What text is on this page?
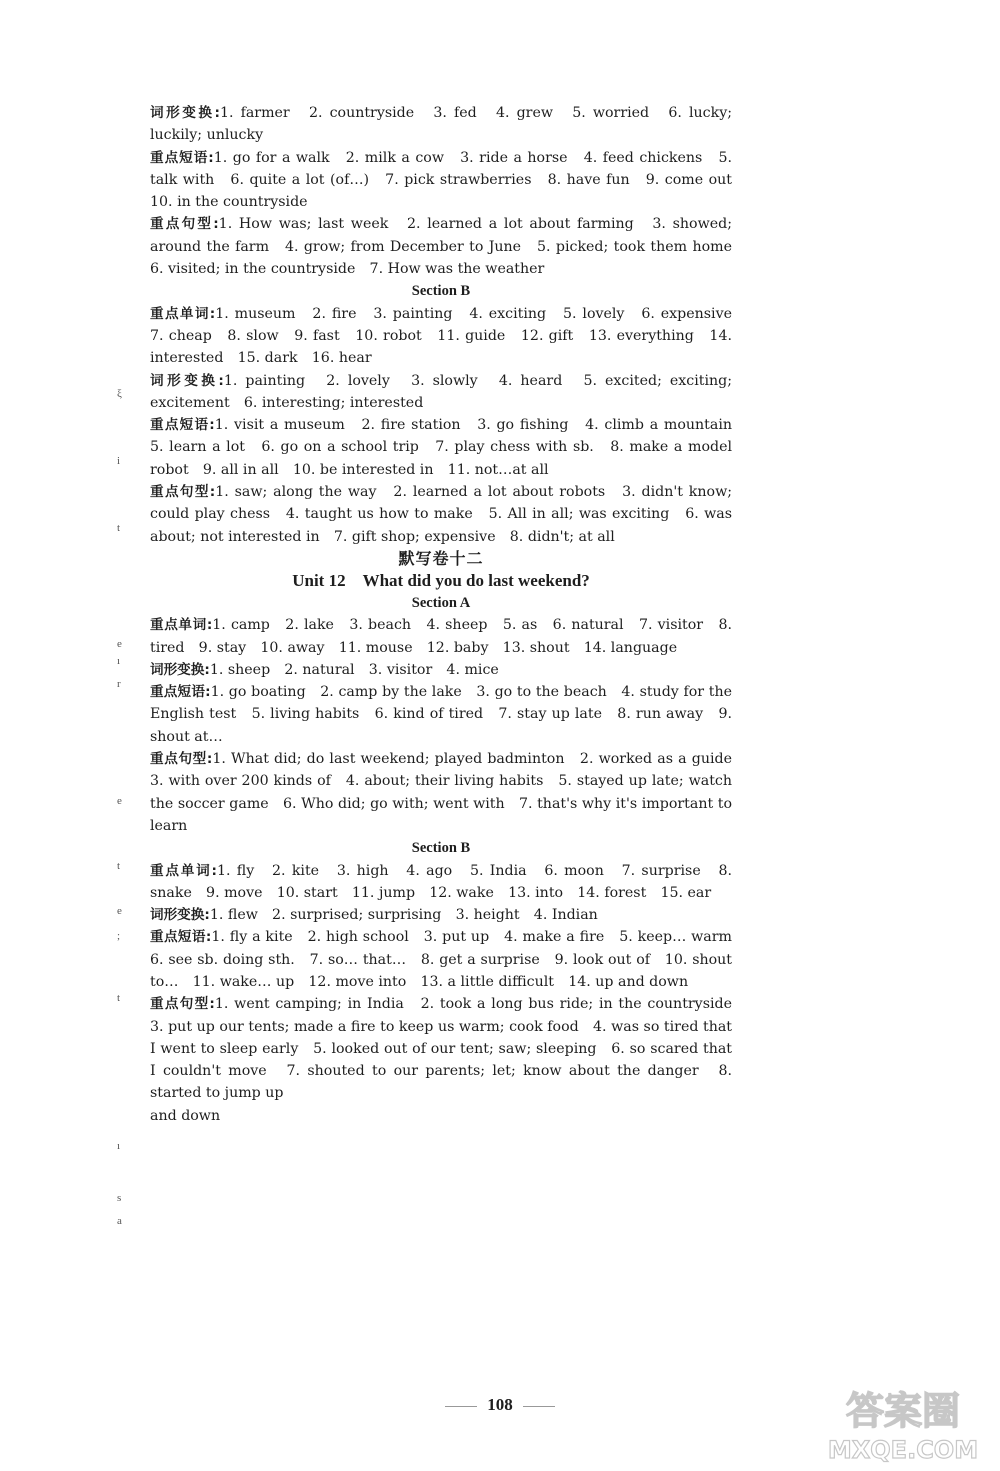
词形变换:1. farmer　2. countryside　3. fed　4. grew　5. worried　6. lucky; luckily; unlucky
重点短语:1. go for a walk　2. milk a cow　3. ride a horse　4. feed chickens　5. talk with　6. quite a lot (of…)　7. pick strawberries　8. have fun　9. come out　10. in the countryside
重点句型:1. How was; last week　2. learned a lot about farming　3. showed; around the farm　4. grow; from December to June　5. picked; took them home　6. visited; in the countryside　7. How was the weather
Section B
重点单词:1. museum　2. fire　3. painting　4. exciting　5. lovely　6. expensive　7. cheap　8. slow　9. fast　10. robot　11. guide　12. gift　13. everything　14. interested　15. dark　16. hear
词形变换:1. painting　2. lovely　3. slowly　4. heard　5. excited; exciting; excitement　6. interesting; interested
重点短语:1. visit a museum　2. fire station　3. go fishing　4. climb a mountain　5. learn a lot　6. go on a school trip　7. play chess with sb.　8. make a model robot　9. all in all　10. be interested in　11. not…at all
重点句型:1. saw; along the way　2. learned a lot about robots　3. didn't know; could play chess　4. taught us how to make　5. All in all; was exciting　6. was about; not interested in　7. gift shop; expensive　8. didn't; at all
默写卷十二
Unit 12　What did you do last weekend?
Section A
重点单词:1. camp　2. lake　3. beach　4. sheep　5. as　6. natural　7. visitor　8. tired　9. stay　10. away　11. mouse　12. baby　13. shout　14. language
词形变换:1. sheep　2. natural　3. visitor　4. mice
重点短语:1. go boating　2. camp by the lake　3. go to the beach　4. study for the English test　5. living habits　6. kind of tired　7. stay up late　8. run away　9. shout at…
重点句型:1. What did; do last weekend; played badminton　2. worked as a guide　3. with over 200 kinds of　4. about; their living habits　5. stayed up late; watch the soccer game　6. Who did; go with; went with　7. that's why it's important to learn
Section B
重点单词:1. fly　2. kite　3. high　4. ago　5. India　6. moon　7. surprise　8. snake　9. move　10. start　11. jump　12. wake　13. into　14. forest　15. ear
词形变换:1. flew　2. surprised; surprising　3. height　4. Indian
重点短语:1. fly a kite　2. high school　3. put up　4. make a fire　5. keep… warm　6. see sb. doing sth.　7. so… that…　8. get a surprise　9. look out of　10. shout to…　11. wake… up　12. move into　13. a little difficult　14. up and down
重点句型:1. went camping; in India　2. took a long bus ride; in the countryside　3. put up our tents; made a fire to keep us warm; cook food　4. was so tired that I went to sleep early　5. looked out of our tent; saw; sleeping　6. so scared that I couldn't move　7. shouted to our parents; let; know about the danger　8. started to jump up
and down
ξ
i
t
e
ı
r
e
t
e
;
t
ı
s
a
108	答案圈
MXQE.COM
